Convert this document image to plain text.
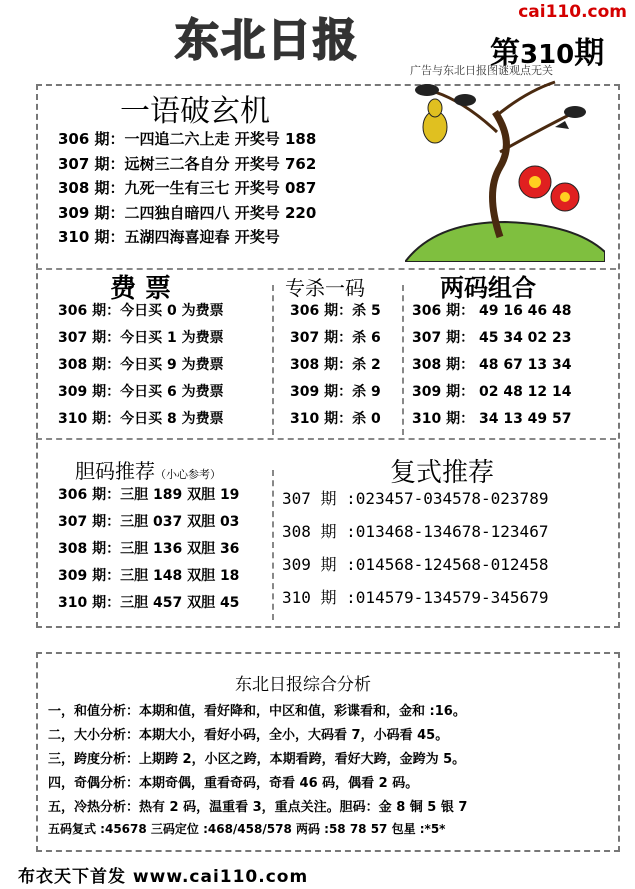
东北日报
cai110.com
第310期
广告与东北日报图谜观点无关
一语破玄机
306 期：一四追二六上走 开奖号 188
307 期：远树三二各自分 开奖号 762
308 期：九死一生有三七 开奖号 087
309 期：二四独自暗四八 开奖号 220
310 期：五湖四海喜迎春 开奖号
费 票
306 期：今日买 0 为费票
307 期：今日买 1 为费票
308 期：今日买 9 为费票
309 期：今日买 6 为费票
310 期：今日买 8 为费票
专杀一码
306 期：杀 5
307 期：杀 6
308 期：杀 2
309 期：杀 9
310 期：杀 0
两码组合
306 期： 49 16 46 48
307 期： 45 34 02 23
308 期： 48 67 13 34
309 期： 02 48 12 14
310 期： 34 13 49 57
胆码推荐（小心参考）
306 期：三胆 189 双胆 19
307 期：三胆 037 双胆 03
308 期：三胆 136 双胆 36
309 期：三胆 148 双胆 18
310 期：三胆 457 双胆 45
复式推荐
307 期 :023457-034578-023789
308 期 :013468-134678-123467
309 期 :014568-124568-012458
310 期 :014579-134579-345679
东北日报综合分析
一，和值分析：本期和值，看好降和，中区和值，彩谍看和，金和 :16。
二，大小分析：本期大小，看好小码，全小，大码看 7，小码看 45。
三，跨度分析：上期跨 2，小区之跨，本期看跨，看好大跨，金跨为 5。
四，奇偶分析：本期奇偶，重看奇码，奇看 46 码，偶看 2 码。
五，冷热分析：热有 2 码，温重看 3，重点关注。胆码：金 8 铜 5 银 7
五码复式 :45678 三码定位 :468/458/578 两码 :58 78 57 包星 :*5*
布衣天下首发 www.cai110.com
